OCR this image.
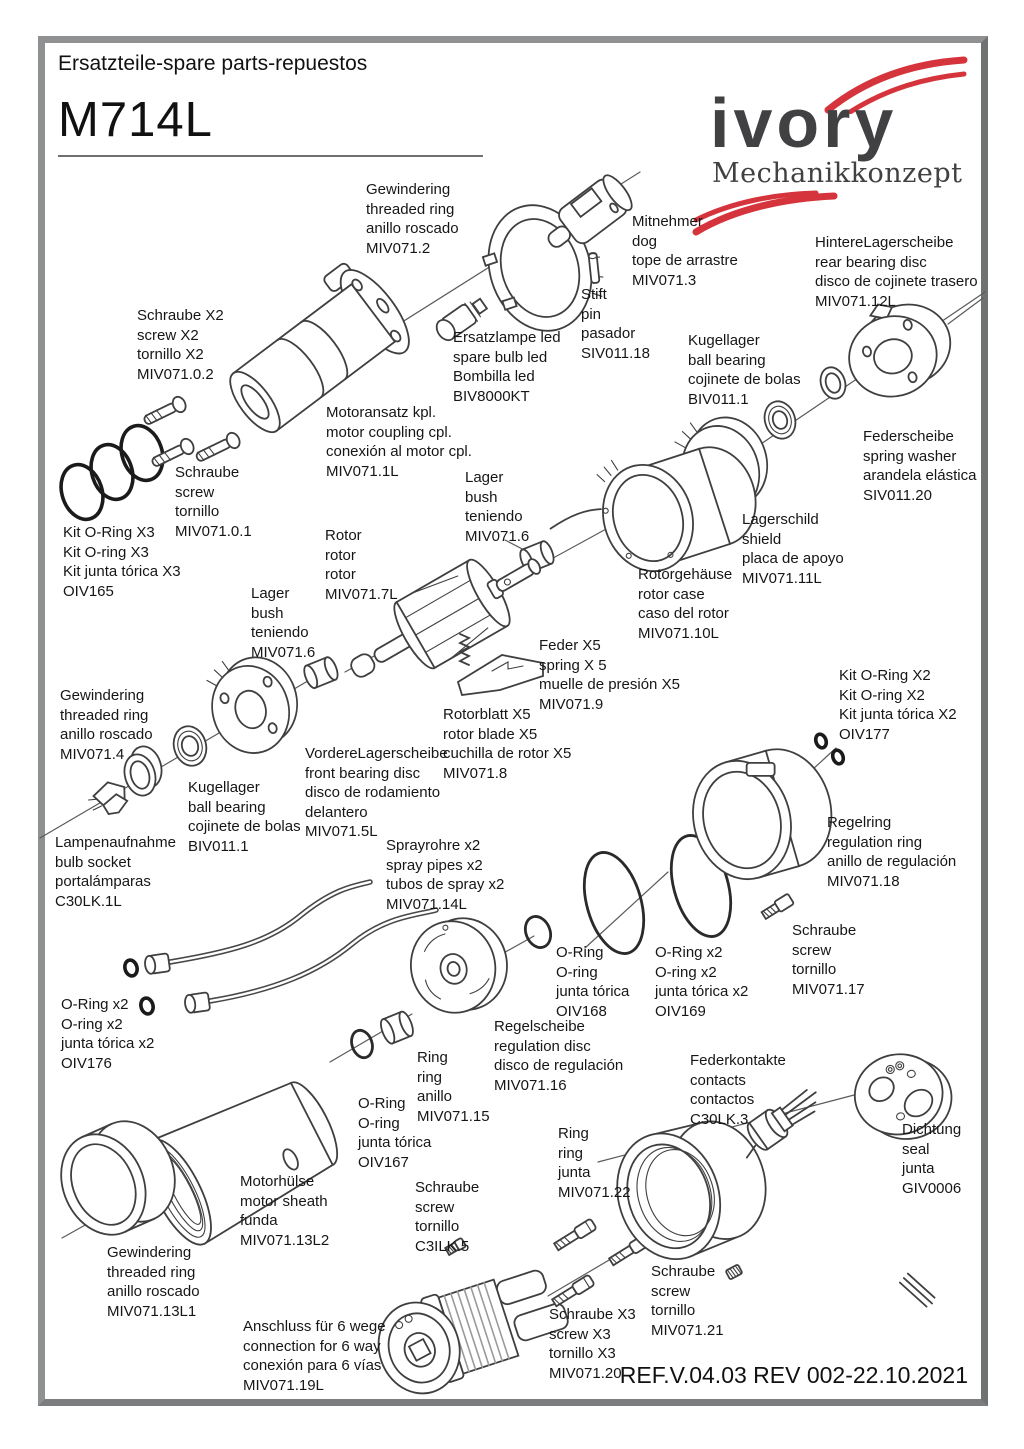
Ersatzteile-spare parts-repuestos
M714L	ivory
Mechanikkonzept
Gewindering
threaded ring
anillo roscado
MIV071.2
Mitnehmer
dog
tope de arrastre
MIV071.3
HintereLagerscheibe
rear bearing disc
disco de cojinete trasero
MIV071.12L
Stift
pin
pasador
SIV011.18
Schraube X2
screw X2
tornillo X2
MIV071.0.2
Ersatzlampe led
spare bulb led
Bombilla led
BIV8000KT
Kugellager
ball bearing
cojinete de bolas
BIV011.1
Federscheibe
spring washer
arandela elástica
SIV011.20
Motoransatz kpl.
motor coupling cpl.
conexión al motor cpl.
MIV071.1L
Schraube
screw
tornillo
MIV071.0.1
Lager
bush
teniendo
MIV071.6
Lagerschild
shield
placa de apoyo
MIV071.11L
Kit O-Ring X3
Kit O-ring X3
Kit junta tórica X3
OIV165
Rotor
rotor
rotor
MIV071.7L
Rotorgehäuse
rotor case
caso del rotor
MIV071.10L
Lager
bush
teniendo
MIV071.6	Feder X5
spring X 5
muelle de presión X5
MIV071.9
Kit O-Ring X2
Kit O-ring X2
Kit junta tórica X2
OIV177
Gewindering
threaded ring
anillo roscado
MIV071.4
Rotorblatt X5
rotor blade X5
cuchilla de rotor X5
MIV071.8
VordereLagerscheibe
front bearing disc
disco de rodamiento
delantero
MIV071.5L
Kugellager
ball bearing
cojinete de bolas
BIV011.1
Lampenaufnahme
bulb socket
portalámparas
C30LK.1L
Regelring
regulation ring
anillo de regulación
MIV071.18
Sprayrohre x2
spray pipes x2
tubos de spray x2
MIV071.14L
Schraube
screw
tornillo
MIV071.17
O-Ring
O-ring
junta tórica
OIV168
O-Ring x2
O-ring x2
junta tórica x2
OIV169
O-Ring x2
O-ring x2
junta tórica x2
OIV176
Regelscheibe
regulation disc
disco de regulación
MIV071.16
Ring
ring
anillo
MIV071.15
Federkontakte
contacts
contactos
C30LK.3
O-Ring
O-ring
junta tórica
OIV167
Ring
ring
junta
MIV071.22
Dichtung
seal
junta
GIV0006
Motorhülse
motor sheath
funda
MIV071.13L2
Schraube
screw
tornillo
C3ILK.5
Gewindering
threaded ring
anillo roscado
MIV071.13L1
Schraube
screw
tornillo
MIV071.21
Schraube X3
screw X3
tornillo X3
MIV071.20
Anschluss für 6 wege
connection for 6 way
conexión para 6 vías
MIV071.19L	REF.V.04.03 REV 002-22.10.2021
